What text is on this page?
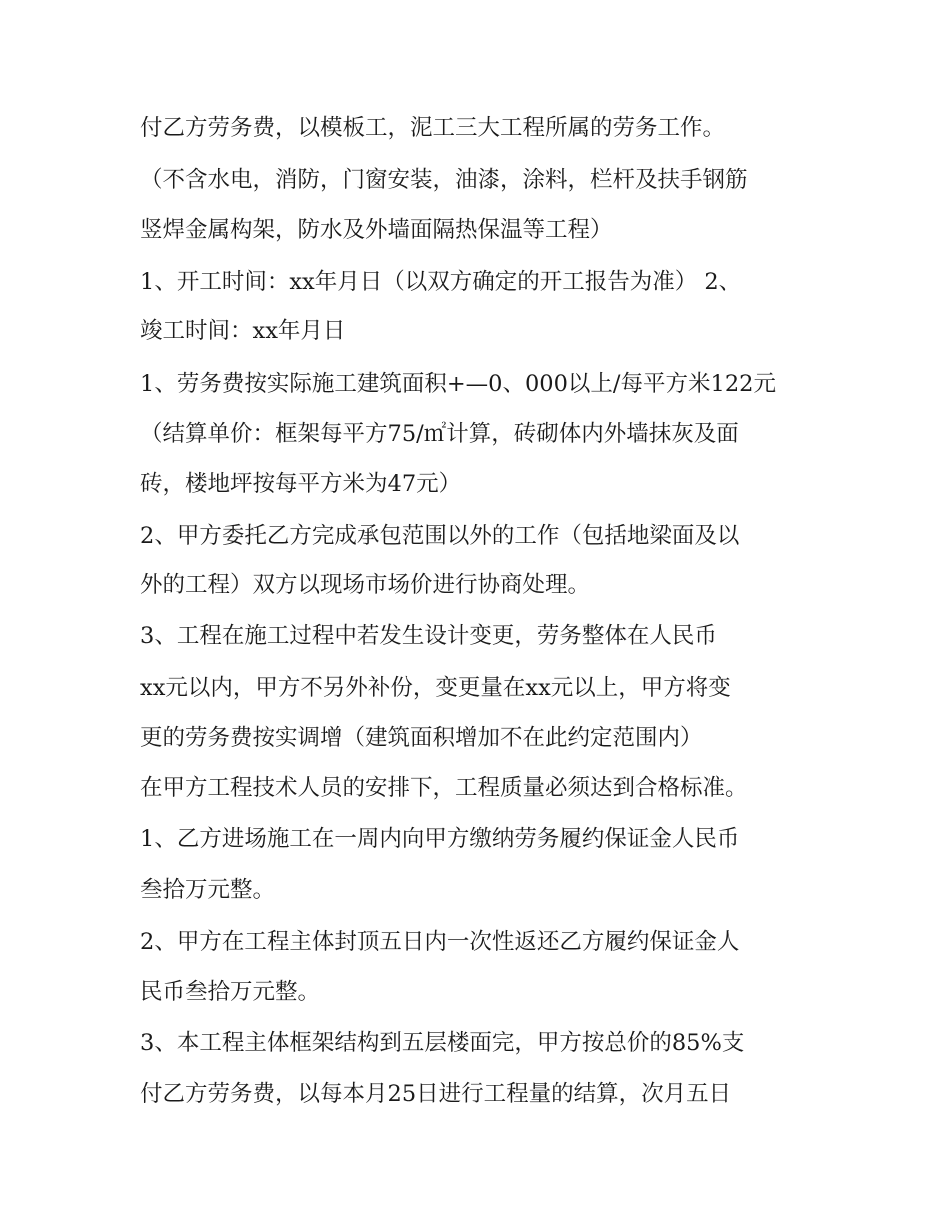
付乙方劳务费，以模板工，泥工三大工程所属的劳务工作。
（不含水电，消防，门窗安装，油漆，涂料，栏杆及扶手钢筋
竖焊金属构架，防水及外墙面隔热保温等工程）
1、开工时间：xx年月日（以双方确定的开工报告为准） 2、
竣工时间：xx年月日
1、劳务费按实际施工建筑面积+—0、000以上/每平方米122元
（结算单价：框架每平方75/㎡计算，砖砌体内外墙抹灰及面
砖，楼地坪按每平方米为47元）
2、甲方委托乙方完成承包范围以外的工作（包括地梁面及以
外的工程）双方以现场市场价进行协商处理。
3、工程在施工过程中若发生设计变更，劳务整体在人民币
xx元以内，甲方不另外补份，变更量在xx元以上，甲方将变
更的劳务费按实调增（建筑面积增加不在此约定范围内）
在甲方工程技术人员的安排下，工程质量必须达到合格标准。
1、乙方进场施工在一周内向甲方缴纳劳务履约保证金人民币
叁拾万元整。
2、甲方在工程主体封顶五日内一次性返还乙方履约保证金人
民币叁拾万元整。
3、本工程主体框架结构到五层楼面完，甲方按总价的85%支
付乙方劳务费，以每本月25日进行工程量的结算，次月五日
